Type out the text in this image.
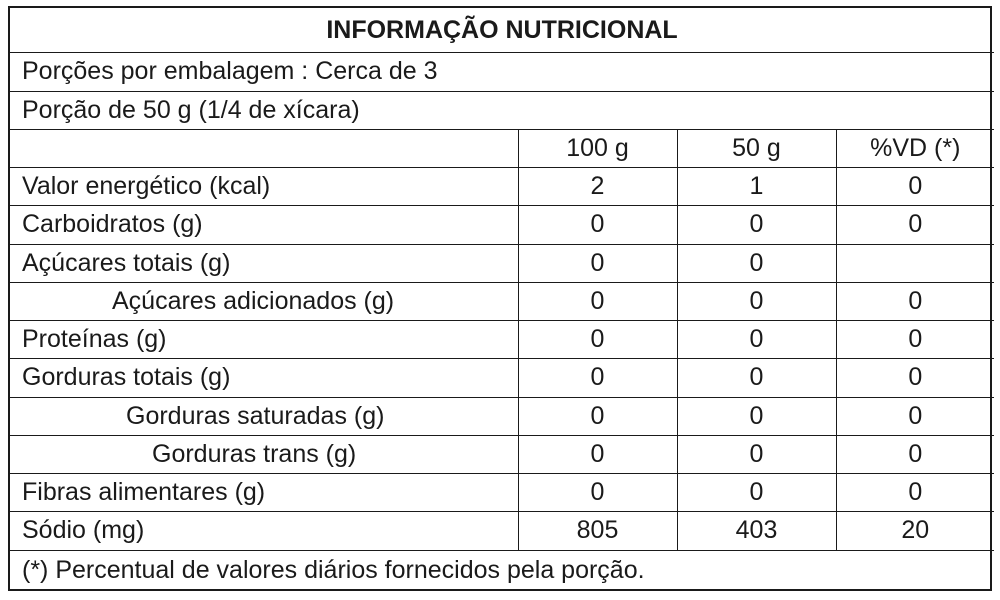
INFORMAÇÃO NUTRICIONAL			
Porções por embalagem : Cerca de 3			
Porção de 50 g (1/4 de xícara)			
	100 g	50 g	%VD (*)
Valor energético (kcal)	2	1	0
Carboidratos (g)	0	0	0
Açúcares totais (g)	0	0	
Açúcares adicionados (g)	0	0	0
Proteínas (g)	0	0	0
Gorduras totais (g)	0	0	0
Gorduras saturadas (g)	0	0	0
Gorduras trans (g)	0	0	0
Fibras alimentares (g)	0	0	0
Sódio (mg)	805	403	20
(*) Percentual de valores diários fornecidos pela porção.			
